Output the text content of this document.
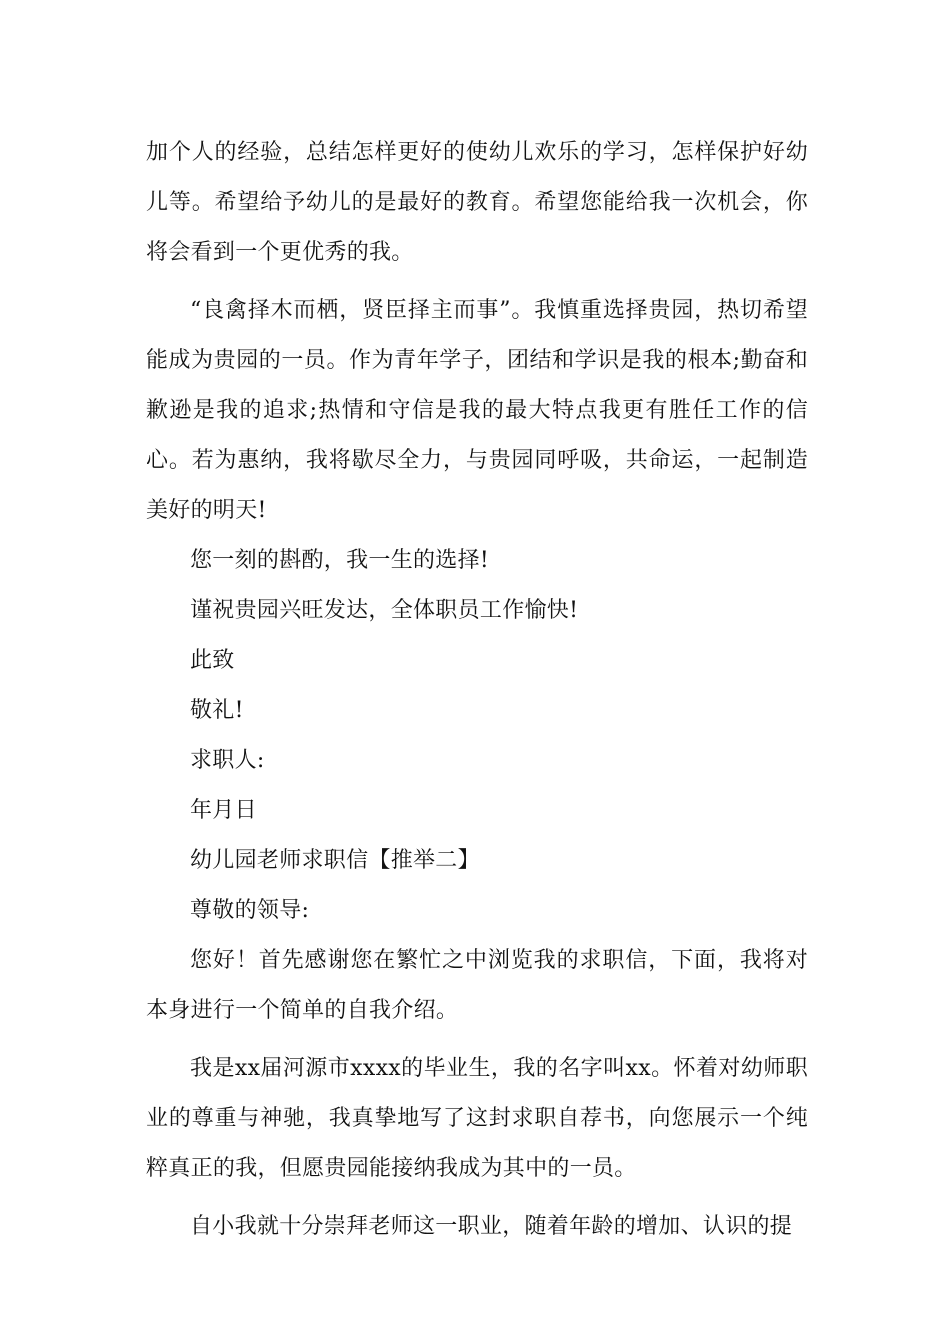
加个人的经验，总结怎样更好的使幼儿欢乐的学习，怎样保护好幼儿等。希望给予幼儿的是最好的教育。希望您能给我一次机会，你将会看到一个更优秀的我。

“良禽择木而栖，贤臣择主而事”。我慎重选择贵园，热切希望能成为贵园的一员。作为青年学子，团结和学识是我的根本;勤奋和歉逊是我的追求;热情和守信是我的最大特点我更有胜任工作的信心。若为惠纳，我将歇尽全力，与贵园同呼吸，共命运，一起制造美好的明天!

您一刻的斟酌，我一生的选择!

谨祝贵园兴旺发达，全体职员工作愉快!

此致

敬礼!

求职人:

年月日

幼儿园老师求职信【推举二】

尊敬的领导:

您好！首先感谢您在繁忙之中浏览我的求职信，下面，我将对本身进行一个简单的自我介绍。

我是xx届河源市xxxx的毕业生，我的名字叫xx。怀着对幼师职业的尊重与神驰，我真挚地写了这封求职自荐书，向您展示一个纯粹真正的我，但愿贵园能接纳我成为其中的一员。

自小我就十分崇拜老师这一职业，随着年龄的增加、认识的提
